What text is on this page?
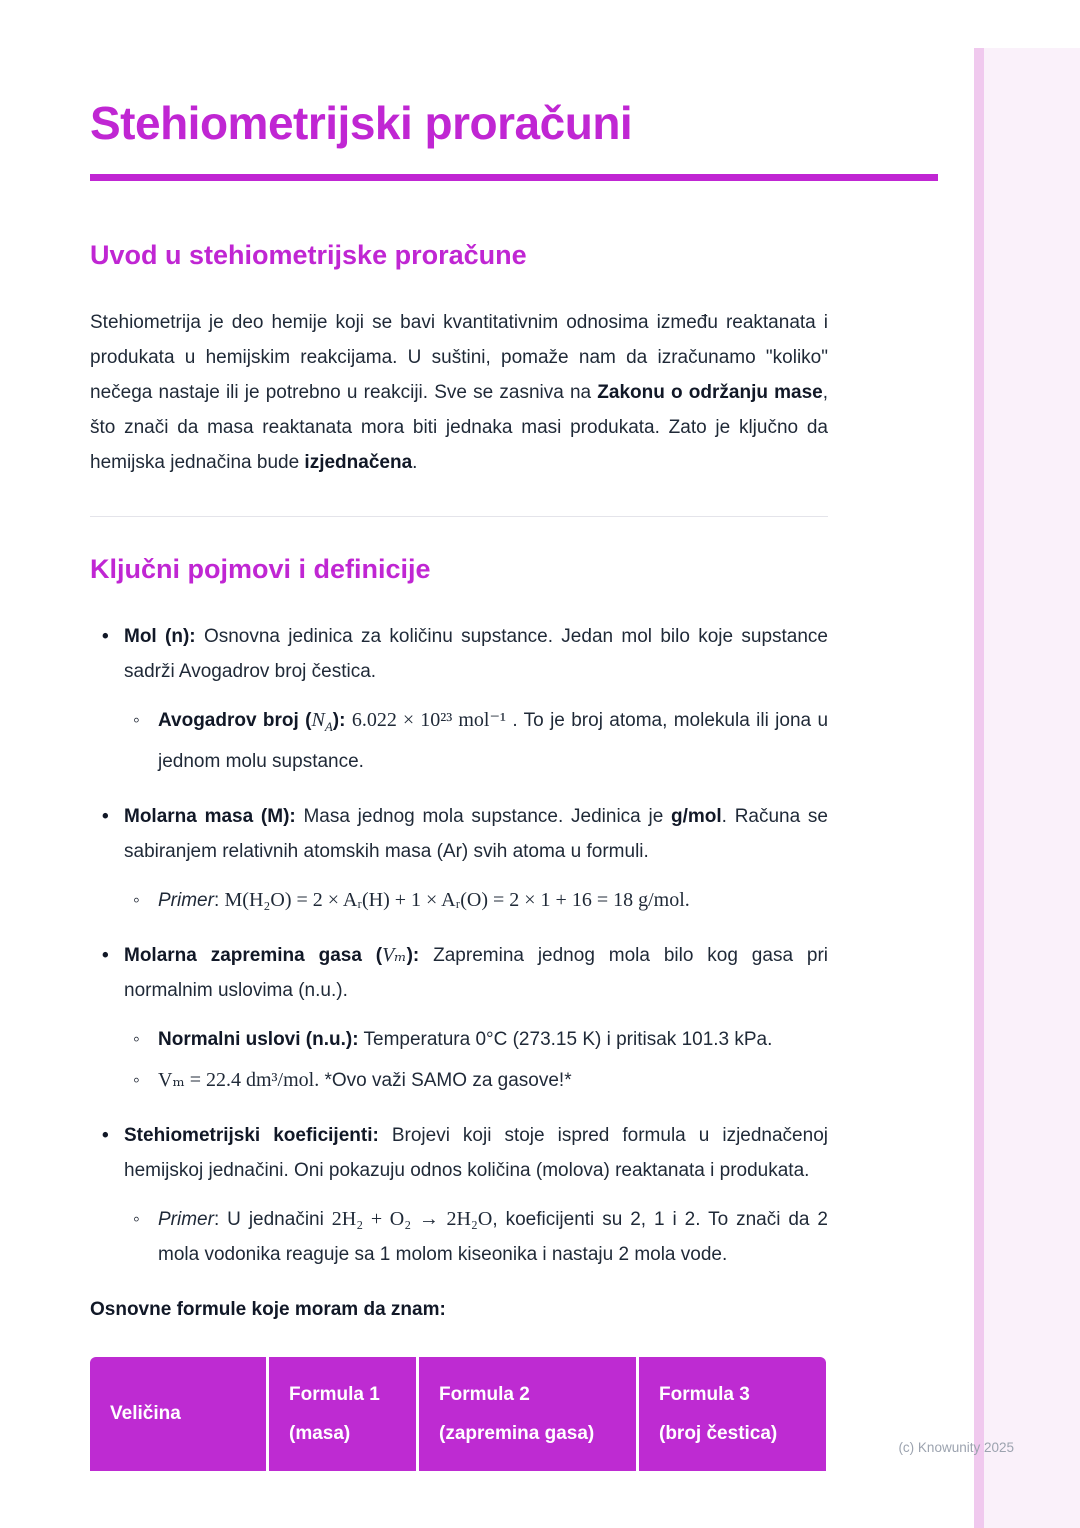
Stehiometrijski proračuni
Uvod u stehiometrijske proračune

Stehiometrija je deo hemije koji se bavi kvantitativnim odnosima između reaktanata i produkata u hemijskim reakcijama. U suštini, pomaže nam da izračunamo "koliko" nečega nastaje ili je potrebno u reakciji. Sve se zasniva na Zakonu o održanju mase, što znači da masa reaktanata mora biti jednaka masi produkata. Zato je ključno da hemijska jednačina bude izjednačena.

Ključni pojmovi i definicije
• Mol (n): Osnovna jedinica za količinu supstance. Jedan mol bilo koje supstance sadrži Avogadrov broj čestica.
◦ Avogadrov broj $(N_A)$: 6.022 × 10²³ mol⁻¹ . To je broj atoma, molekula ili jona u jednom molu supstance.
• Molarna masa (M): Masa jednog mola supstance. Jedinica je g/mol. Računa se sabiranjem relativnih atomskih masa (Ar) svih atoma u formuli.
◦ Primer: M(H₂O) = 2 × Aᵣ(H) + 1 × Aᵣ(O) = 2 × 1 + 16 = 18 g/mol.
• Molarna zapremina gasa (Vₘ): Zapremina jednog mola bilo kog gasa pri normalnim uslovima (n.u.).
◦ Normalni uslovi (n.u.): Temperatura 0°C (273.15 K) i pritisak 101.3 kPa.
◦ Vₘ = 22.4 dm³/mol. *Ovo važi SAMO za gasove!*
• Stehiometrijski koeficijenti: Brojevi koji stoje ispred formula u izjednačenoj hemijskoj jednačini. Oni pokazuju odnos količina (molova) reaktanata i produkata.
◦ Primer: U jednačini 2H₂ + O₂ → 2H₂O, koeficijenti su 2, 1 i 2. To znači da 2 mola vodonika reaguje sa 1 molom kiseonika i nastaju 2 mola vode.

Osnovne formule koje moram da znam:

Veličina
Formula 1
(masa)
Formula 2
(zapremina gasa)
Formula 3
(broj čestica)
(c) Knowunity 2025
